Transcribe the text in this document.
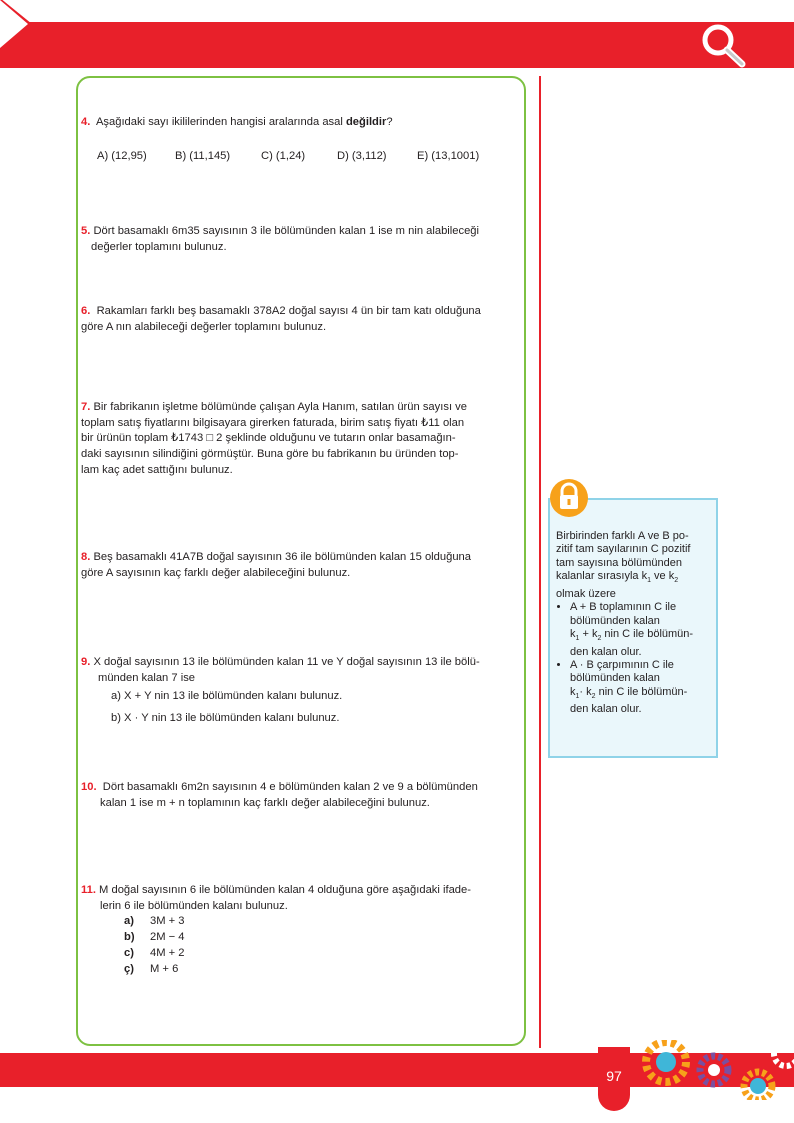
4. Aşağıdaki sayı ikililerinden hangisi aralarında asal değildir?

A) (12,95)	B) (11,145)	C) (1,24)	D) (3,112)	E) (13,1001)

5. Dört basamaklı 6m35 sayısının 3 ile bölümünden kalan 1 ise m nin alabileceği

değerler toplamını bulunuz.

6. Rakamları farklı beş basamaklı 378A2 doğal sayısı 4 ün bir tam katı olduğuna

göre A nın alabileceği değerler toplamını bulunuz.

7. Bir fabrikanın işletme bölümünde çalışan Ayla Hanım, satılan ürün sayısı ve

toplam satış fiyatlarını bilgisayara girerken faturada, birim satış fiyatı ₺11 olan

bir ürünün toplam ₺1743 □ 2 şeklinde olduğunu ve tutarın onlar basamağın-

daki sayısının silindiğini görmüştür. Buna göre bu fabrikanın bu üründen top-

lam kaç adet sattığını bulunuz.

8. Beş basamaklı 41A7B doğal sayısının 36 ile bölümünden kalan 15 olduğuna

göre A sayısının kaç farklı değer alabileceğini bulunuz.

9. X doğal sayısının 13 ile bölümünden kalan 11 ve Y doğal sayısının 13 ile bölü-

münden kalan 7 ise

a) X + Y nin 13 ile bölümünden kalanı bulunuz.
b) X · Y nin 13 ile bölümünden kalanı bulunuz.

10. Dört basamaklı 6m2n sayısının 4 e bölümünden kalan 2 ve 9 a bölümünden

kalan 1 ise m + n toplamının kaç farklı değer alabileceğini bulunuz.

11. M doğal sayısının 6 ile bölümünden kalan 4 olduğuna göre aşağıdaki ifade-

lerin 6 ile bölümünden kalanı bulunuz.

a) 3M + 3
b) 2M − 4
c) 4M + 2
ç) M + 6

Birbirinden farklı A ve B po-

zitif tam sayılarının C pozitif

tam sayısına bölümünden

kalanlar sırasıyla $k_1$ ve $k_2$

olmak üzere

• A + B toplamının C ile
bölümünden kalan
$k_1 + k_2$ nin C ile bölümün-
den kalan olur.
• A · B çarpımının C ile
bölümünden kalan
$k_1\cdot k_2$ nin C ile bölümün-
den kalan olur.
97
